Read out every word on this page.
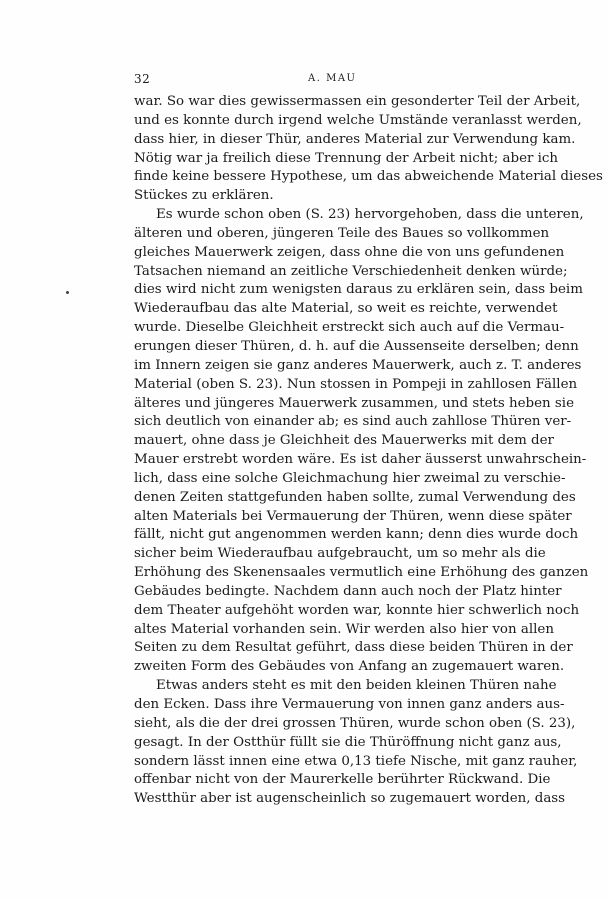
32	A. MAU
war. So war dies gewissermassen ein gesonderter Teil der Arbeit,
und es konnte durch irgend welche Umstände veranlasst werden,
dass hier, in dieser Thür, anderes Material zur Verwendung kam.
Nötig war ja freilich diese Trennung der Arbeit nicht; aber ich
finde keine bessere Hypothese, um das abweichende Material dieses
Stückes zu erklären.
Es wurde schon oben (S. 23) hervorgehoben, dass die unteren,
älteren und oberen, jüngeren Teile des Baues so vollkommen
gleiches Mauerwerk zeigen, dass ohne die von uns gefundenen
Tatsachen niemand an zeitliche Verschiedenheit denken würde;
dies wird nicht zum wenigsten daraus zu erklären sein, dass beim
Wiederaufbau das alte Material, so weit es reichte, verwendet
wurde. Dieselbe Gleichheit erstreckt sich auch auf die Vermau-
erungen dieser Thüren, d. h. auf die Aussenseite derselben; denn
im Innern zeigen sie ganz anderes Mauerwerk, auch z. T. anderes
Material (oben S. 23). Nun stossen in Pompeji in zahllosen Fällen
älteres und jüngeres Mauerwerk zusammen, und stets heben sie
sich deutlich von einander ab; es sind auch zahllose Thüren ver-
mauert, ohne dass je Gleichheit des Mauerwerks mit dem der
Mauer erstrebt worden wäre. Es ist daher äusserst unwahrschein-
lich, dass eine solche Gleichmachung hier zweimal zu verschie-
denen Zeiten stattgefunden haben sollte, zumal Verwendung des
alten Materials bei Vermauerung der Thüren, wenn diese später
fällt, nicht gut angenommen werden kann; denn dies wurde doch
sicher beim Wiederaufbau aufgebraucht, um so mehr als die
Erhöhung des Skenensaales vermutlich eine Erhöhung des ganzen
Gebäudes bedingte. Nachdem dann auch noch der Platz hinter
dem Theater aufgehöht worden war, konnte hier schwerlich noch
altes Material vorhanden sein. Wir werden also hier von allen
Seiten zu dem Resultat geführt, dass diese beiden Thüren in der
zweiten Form des Gebäudes von Anfang an zugemauert waren.
Etwas anders steht es mit den beiden kleinen Thüren nahe
den Ecken. Dass ihre Vermauerung von innen ganz anders aus-
sieht, als die der drei grossen Thüren, wurde schon oben (S. 23),
gesagt. In der Ostthür füllt sie die Thüröffnung nicht ganz aus,
sondern lässt innen eine etwa 0,13 tiefe Nische, mit ganz rauher,
offenbar nicht von der Maurerkelle berührter Rückwand. Die
Westthür aber ist augenscheinlich so zugemauert worden, dass
